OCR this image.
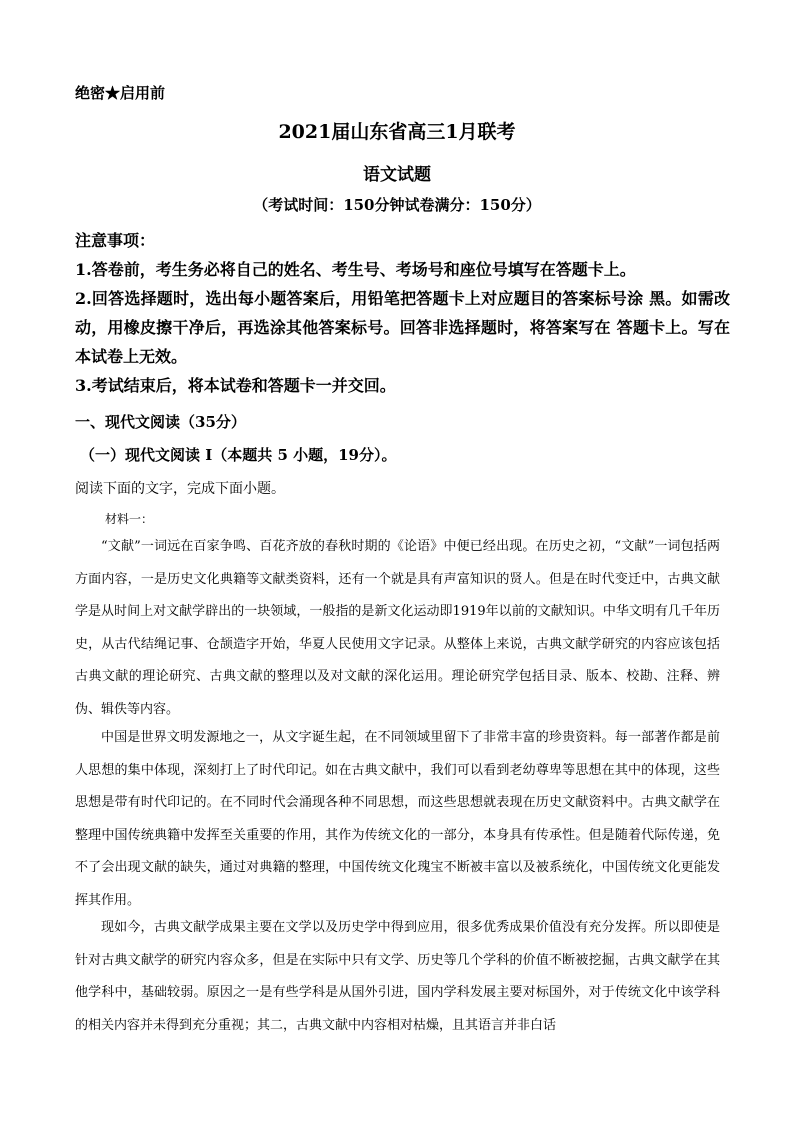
绝密★启用前
2021届山东省高三1月联考
语文试题
（考试时间：150分钟试卷满分：150分）
注意事项：
1.答卷前，考生务必将自己的姓名、考生号、考场号和座位号填写在答题卡上。
2.回答选择题时，选出每小题答案后，用铅笔把答题卡上对应题目的答案标号涂 黑。如需改
动，用橡皮擦干净后，再选涂其他答案标号。回答非选择题时，将答案写在 答题卡上。写在
本试卷上无效。
3.考试结束后，将本试卷和答题卡一并交回。
一、现代文阅读（35分）
（一）现代文阅读 I（本题共 5 小题，19分）。
阅读下面的文字，完成下面小题。
材料一：

“文献”一词远在百家争鸣、百花齐放的春秋时期的《论语》中便已经出现。在历史之初，“文献”一词包括两方面内容，一是历史文化典籍等文献类资料，还有一个就是具有声富知识的贤人。但是在时代变迁中，古典文献学是从时间上对文献学辟出的一块领域，一般指的是新文化运动即1919年以前的文献知识。中华文明有几千年历史，从古代结绳记事、仓颉造字开始，华夏人民使用文字记录。从整体上来说，古典文献学研究的内容应该包括古典文献的理论研究、古典文献的整理以及对文献的深化运用。理论研究学包括目录、版本、校勘、注释、辨伪、辑佚等内容。

中国是世界文明发源地之一，从文字诞生起，在不同领域里留下了非常丰富的珍贵资料。每一部著作都是前人思想的集中体现，深刻打上了时代印记。如在古典文献中，我们可以看到老幼尊卑等思想在其中的体现，这些思想是带有时代印记的。在不同时代会涌现各种不同思想，而这些思想就表现在历史文献资料中。古典文献学在整理中国传统典籍中发挥至关重要的作用，其作为传统文化的一部分，本身具有传承性。但是随着代际传递，免不了会出现文献的缺失，通过对典籍的整理，中国传统文化瑰宝不断被丰富以及被系统化，中国传统文化更能发挥其作用。

现如今，古典文献学成果主要在文学以及历史学中得到应用，很多优秀成果价值没有充分发挥。所以即使是针对古典文献学的研究内容众多，但是在实际中只有文学、历史等几个学科的价值不断被挖掘，古典文献学在其他学科中，基础较弱。原因之一是有些学科是从国外引进，国内学科发展主要对标国外，对于传统文化中该学科的相关内容并未得到充分重视；其二，古典文献中内容相对枯燥，且其语言并非白话
